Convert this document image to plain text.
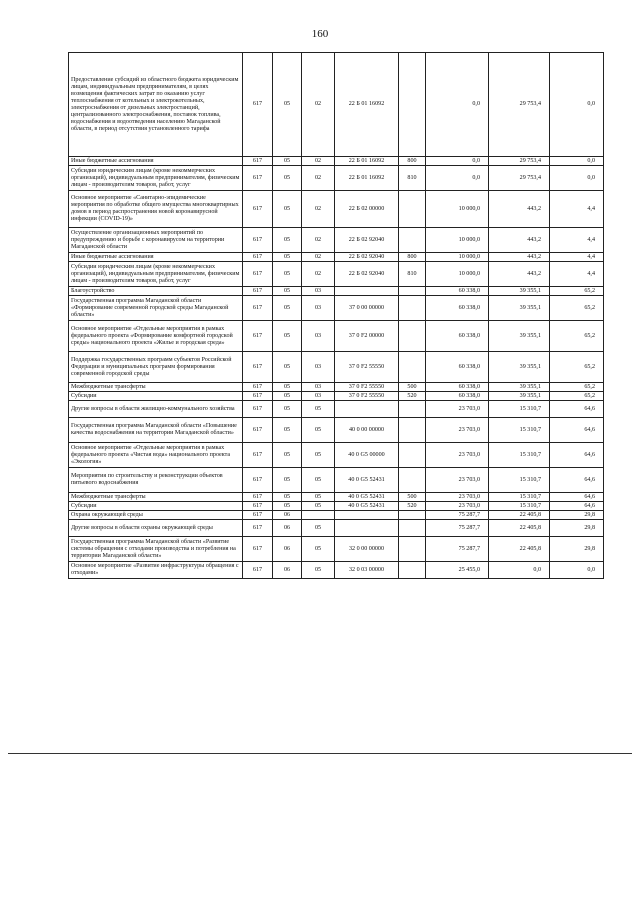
160
Предоставление субсидий из областного бюджета юридическим лицам, индивидуальным предпринимателям, в целях возмещения фактических затрат по оказанию услуг теплоснабжения от котельных и электрокотельных, электроснабжения от дизельных электростанций, централизованного электроснабжения, поставок топлива, водоснабжения и водоотведения населению Магаданской области, в период отсутствия установленного тарифа	617	05	02	22 Б 01 16092		0,0	29 753,4	0,0
Иные бюджетные ассигнования	617	05	02	22 Б 01 16092	800	0,0	29 753,4	0,0
Субсидии юридическим лицам (кроме некоммерческих организаций), индивидуальным предпринимателям, физическим лицам - производителям товаров, работ, услуг	617	05	02	22 Б 01 16092	810	0,0	29 753,4	0,0
Основное мероприятие «Санитарно-эпидемические мероприятия по обработке общего имущества многоквартирных домов в период распространения новой коронавирусной инфекции (COVID-19)»	617	05	02	22 Б 02 00000		10 000,0	443,2	4,4
Осуществление организационных мероприятий по предупреждению и борьбе с коронавирусом на территории Магаданской области	617	05	02	22 Б 02 92040		10 000,0	443,2	4,4
Иные бюджетные ассигнования	617	05	02	22 Б 02 92040	800	10 000,0	443,2	4,4
Субсидии юридическим лицам (кроме некоммерческих организаций), индивидуальным предпринимателям, физическим лицам - производителям товаров, работ, услуг	617	05	02	22 Б 02 92040	810	10 000,0	443,2	4,4
Благоустройство	617	05	03			60 338,0	39 355,1	65,2
Государственная программа Магаданской области «Формирование современной городской среды Магаданской области»	617	05	03	37 0 00 00000		60 338,0	39 355,1	65,2
Основное мероприятие «Отдельные мероприятия в рамках федерального проекта «Формирование комфортной городской среды» национального проекта «Жилье и городская среда»	617	05	03	37 0 F2 00000		60 338,0	39 355,1	65,2
Поддержка государственных программ субъектов Российской Федерации и муниципальных программ формирования современной городской среды	617	05	03	37 0 F2 55550		60 338,0	39 355,1	65,2
Межбюджетные трансферты	617	05	03	37 0 F2 55550	500	60 338,0	39 355,1	65,2
Субсидии	617	05	03	37 0 F2 55550	520	60 338,0	39 355,1	65,2
Другие вопросы в области жилищно-коммунального хозяйства	617	05	05			23 703,0	15 310,7	64,6
Государственная программа Магаданской области «Повышение качества водоснабжения на территории Магаданской области»	617	05	05	40 0 00 00000		23 703,0	15 310,7	64,6
Основное мероприятие «Отдельные мероприятия в рамках федерального проекта «Чистая вода» национального проекта «Экология»	617	05	05	40 0 G5 00000		23 703,0	15 310,7	64,6
Мероприятия по строительству и реконструкции объектов питьевого водоснабжения	617	05	05	40 0 G5 52431		23 703,0	15 310,7	64,6
Межбюджетные трансферты	617	05	05	40 0 G5 52431	500	23 703,0	15 310,7	64,6
Субсидии	617	05	05	40 0 G5 52431	520	23 703,0	15 310,7	64,6
Охрана окружающей среды	617	06				75 287,7	22 405,8	29,8
Другие вопросы в области охраны окружающей среды	617	06	05			75 287,7	22 405,8	29,8
Государственная программа Магаданской области «Развитие системы обращения с отходами производства и потребления на территории Магаданской области»	617	06	05	32 0 00 00000		75 287,7	22 405,8	29,8
Основное мероприятие «Развитие инфраструктуры обращения с отходами»	617	06	05	32 0 03 00000		25 455,0	0,0	0,0
